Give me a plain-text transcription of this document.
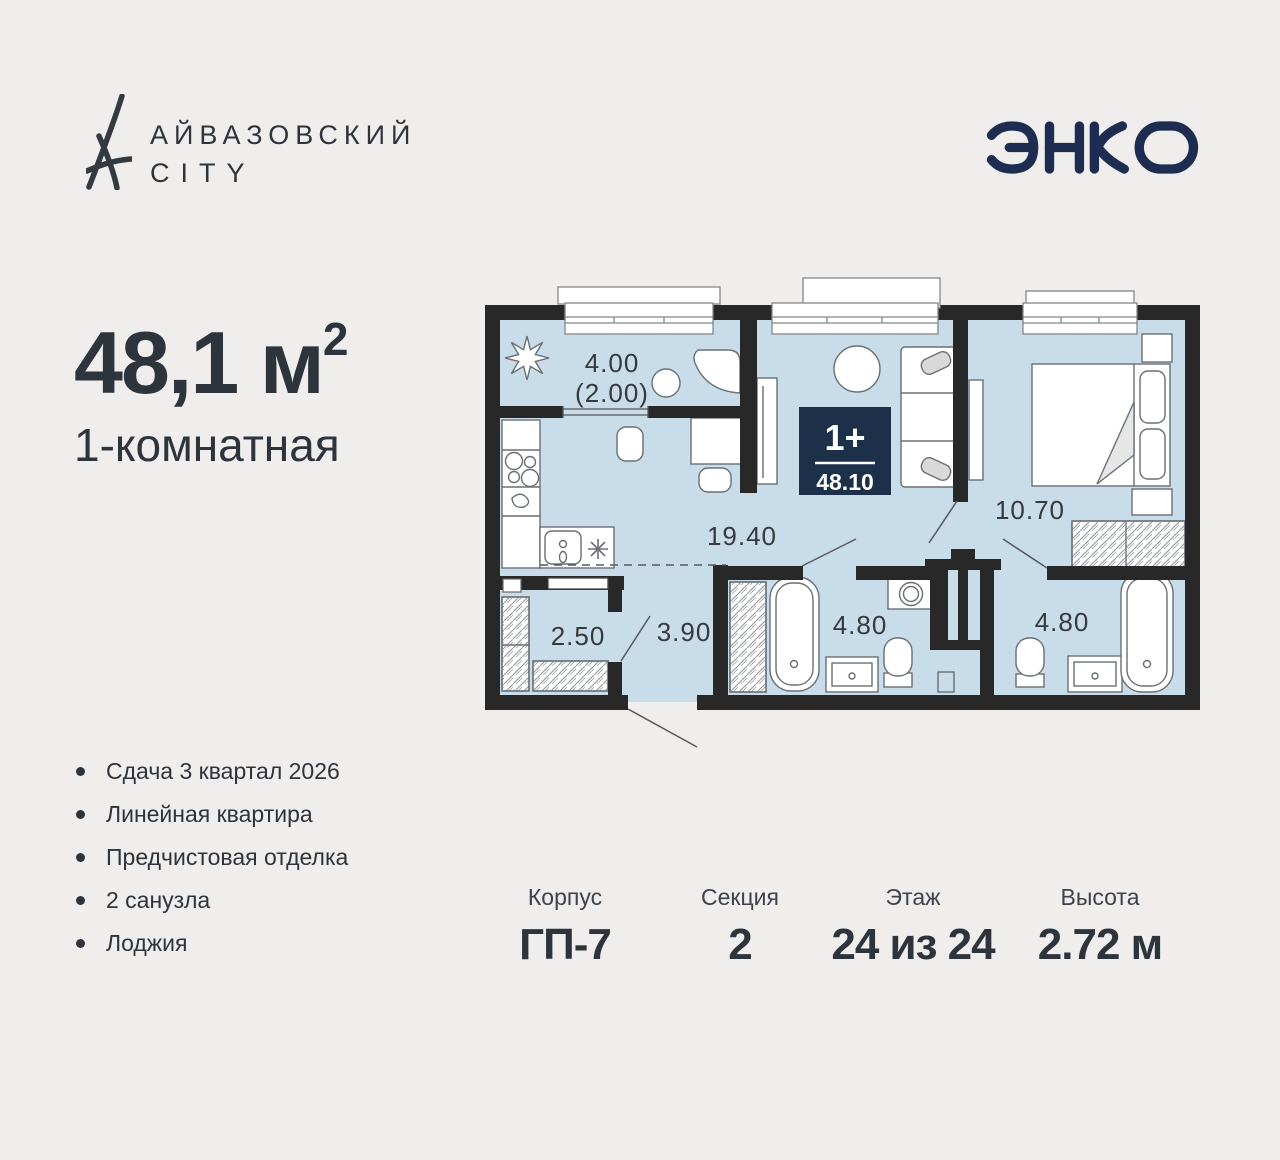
АЙВАЗОВСКИЙ
CITY
48,1 $м^2$
1-комнатная
Сдача 3 квартал 2026
Линейная квартира
Предчистовая отделка
2 санузла
Лоджия
1+
48.10
4.00
(2.00)
19.40
10.70
2.50 3.90	4.80	4.80
Корпус
ГП-7
Секция
2
Этаж
24 из 24
Высота
2.72 м
